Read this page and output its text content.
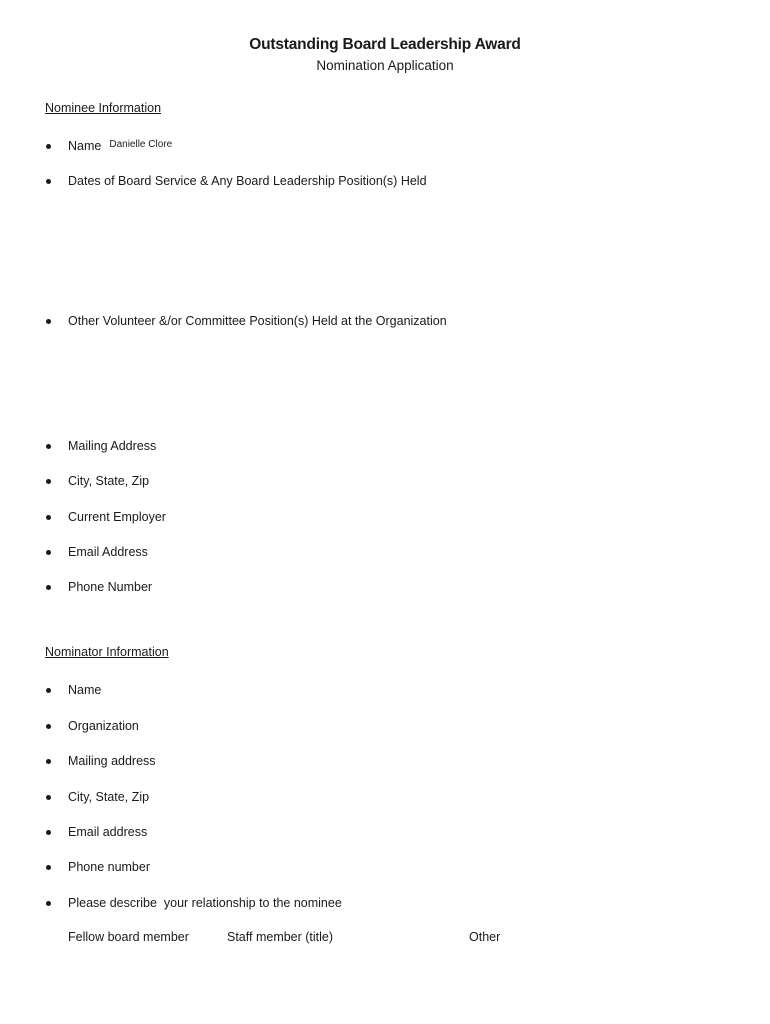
Outstanding Board Leadership Award
Nomination Application
Nominee Information
Name Danielle Clore
Dates of Board Service & Any Board Leadership Position(s) Held
Other Volunteer &/or Committee Position(s) Held at the Organization
Mailing Address
City, State, Zip
Current Employer
Email Address
Phone Number
Nominator Information
Name
Organization
Mailing address
City, State, Zip
Email address
Phone number
Please describe  your relationship to the nominee
Fellow board member	Staff member (title)	Other
